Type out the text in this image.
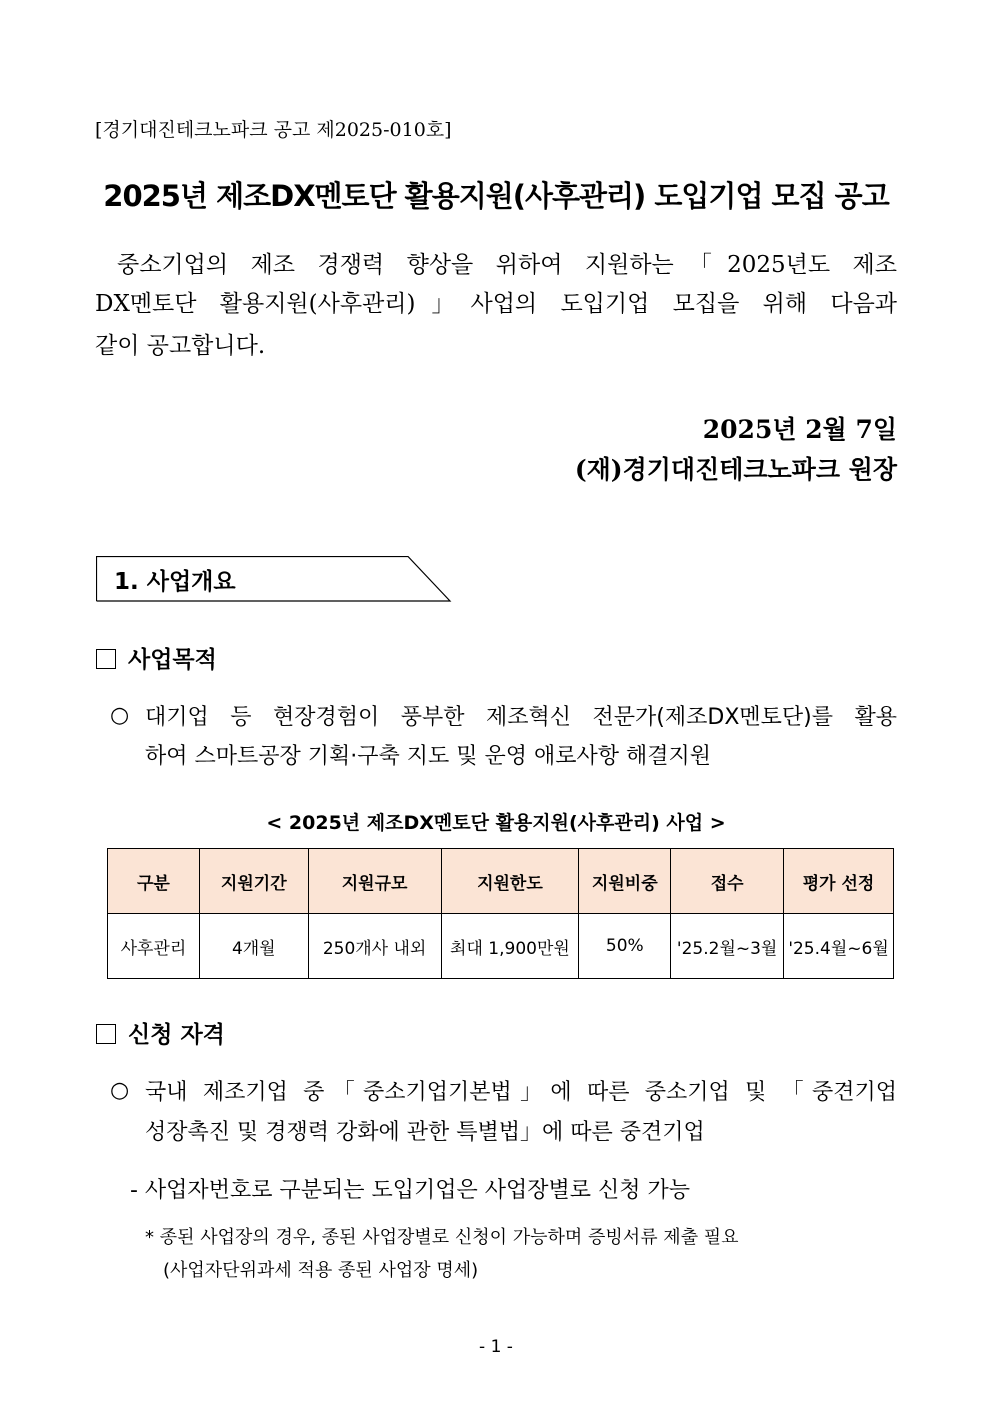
[경기대진테크노파크 공고 제2025-010호]
2025년 제조DX멘토단 활용지원(사후관리) 도입기업 모집 공고
중소기업의 제조 경쟁력 향상을 위하여 지원하는「2025년도 제조
DX멘토단 활용지원(사후관리)」사업의 도입기업 모집을 위해 다음과
같이 공고합니다.
2025년 2월 7일
(재)경기대진테크노파크 원장
1. 사업개요
사업목적
○ 대기업 등 현장경험이 풍부한 제조혁신 전문가(제조DX멘토단)를 활용
하여 스마트공장 기획·구축 지도 및 운영 애로사항 해결지원
< 2025년 제조DX멘토단 활용지원(사후관리) 사업 >
구분	지원기간	지원규모	지원한도	지원비중	접수	평가 선정
사후관리	4개월	250개사 내외	최대 1,900만원	50%	'25.2월~3월	'25.4월~6월
신청 자격
○ 국내 제조기업 중「중소기업기본법」에 따른 중소기업 및 「중견기업
성장촉진 및 경쟁력 강화에 관한 특별법」에 따른 중견기업
- 사업자번호로 구분되는 도입기업은 사업장별로 신청 가능
* 종된 사업장의 경우, 종된 사업장별로 신청이 가능하며 증빙서류 제출 필요
(사업자단위과세 적용 종된 사업장 명세)
- 1 -
